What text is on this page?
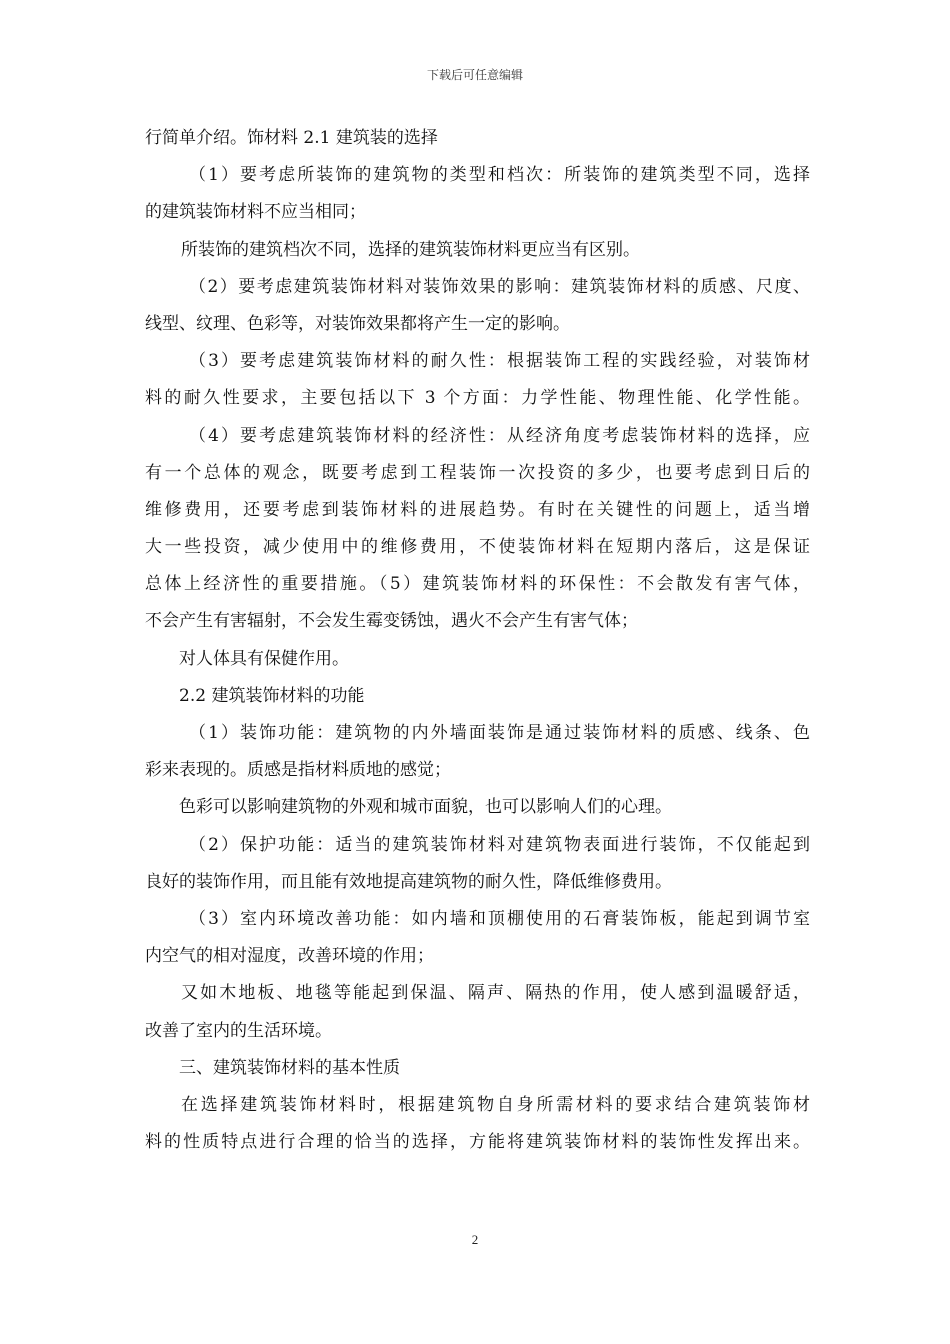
下载后可任意编辑
行简单介绍。饰材料 2.1 建筑装的选择
（1）要考虑所装饰的建筑物的类型和档次：所装饰的建筑类型不同，选择
的建筑装饰材料不应当相同；
所装饰的建筑档次不同，选择的建筑装饰材料更应当有区别。
（2）要考虑建筑装饰材料对装饰效果的影响：建筑装饰材料的质感、尺度、
线型、纹理、色彩等，对装饰效果都将产生一定的影响。
（3）要考虑建筑装饰材料的耐久性：根据装饰工程的实践经验，对装饰材
料的耐久性要求，主要包括以下 3 个方面：力学性能、物理性能、化学性能。
（4）要考虑建筑装饰材料的经济性：从经济角度考虑装饰材料的选择，应
有一个总体的观念，既要考虑到工程装饰一次投资的多少，也要考虑到日后的
维修费用，还要考虑到装饰材料的进展趋势。有时在关键性的问题上，适当增
大一些投资，减少使用中的维修费用，不使装饰材料在短期内落后，这是保证
总体上经济性的重要措施。（5）建筑装饰材料的环保性：不会散发有害气体，
不会产生有害辐射，不会发生霉变锈蚀，遇火不会产生有害气体；
对人体具有保健作用。
2.2 建筑装饰材料的功能
（1）装饰功能：建筑物的内外墙面装饰是通过装饰材料的质感、线条、色
彩来表现的。质感是指材料质地的感觉；
色彩可以影响建筑物的外观和城市面貌，也可以影响人们的心理。
（2）保护功能：适当的建筑装饰材料对建筑物表面进行装饰，不仅能起到
良好的装饰作用，而且能有效地提高建筑物的耐久性，降低维修费用。
（3）室内环境改善功能：如内墙和顶棚使用的石膏装饰板，能起到调节室
内空气的相对湿度，改善环境的作用；
又如木地板、地毯等能起到保温、隔声、隔热的作用，使人感到温暖舒适，
改善了室内的生活环境。
三、建筑装饰材料的基本性质
在选择建筑装饰材料时，根据建筑物自身所需材料的要求结合建筑装饰材
料的性质特点进行合理的恰当的选择，方能将建筑装饰材料的装饰性发挥出来。
2
